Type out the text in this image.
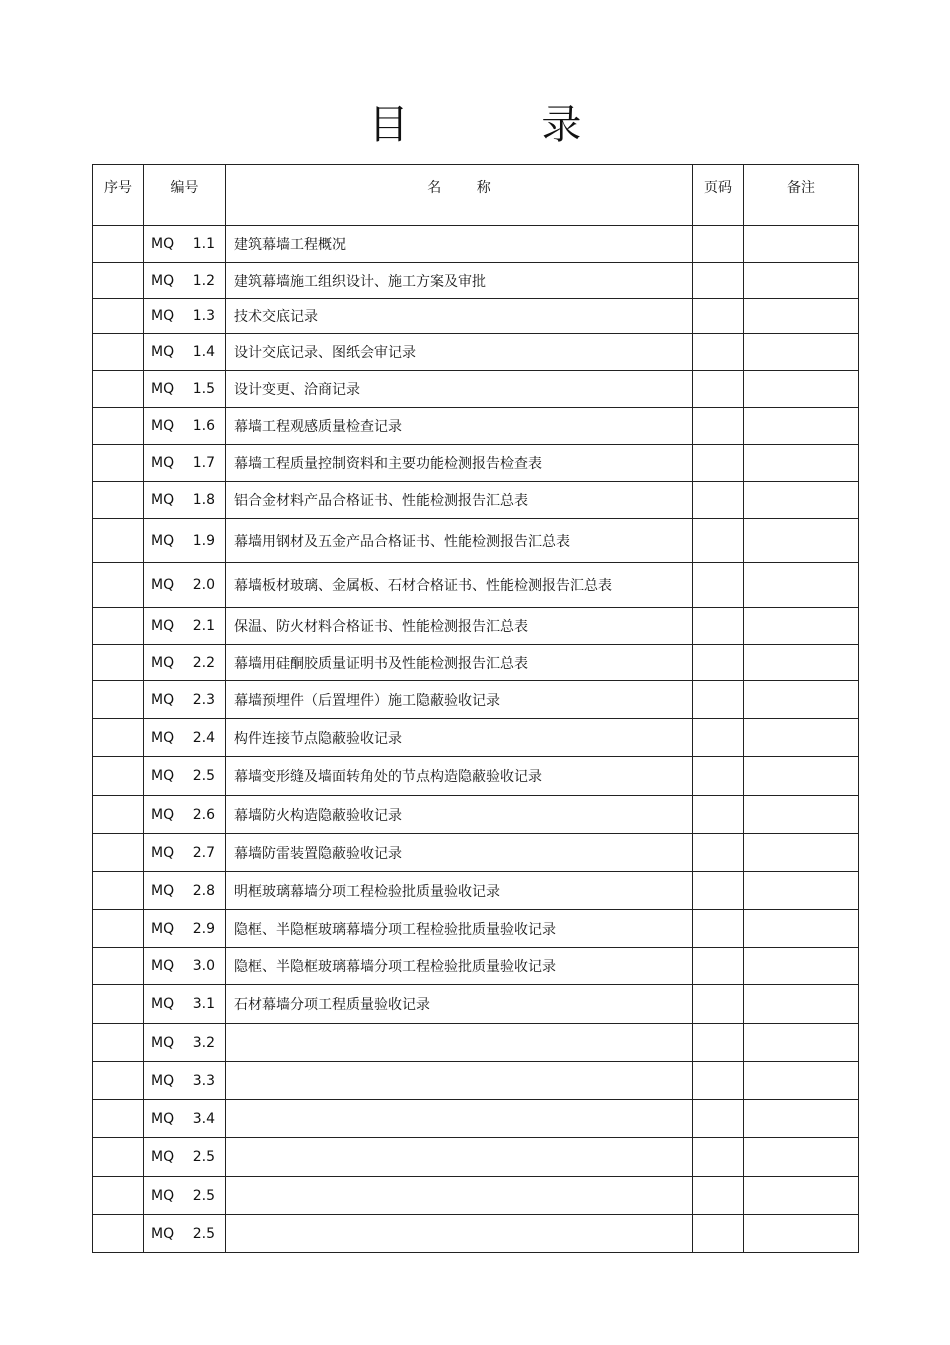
目 录
序号	编号	名        称	页码	备注

	MQ 1.1	建筑幕墙工程概况		

	MQ 1.2	建筑幕墙施工组织设计、施工方案及审批		

	MQ 1.3	技术交底记录		

	MQ 1.4	设计交底记录、图纸会审记录		

	MQ 1.5	设计变更、洽商记录		

	MQ 1.6	幕墙工程观感质量检查记录		

	MQ 1.7	幕墙工程质量控制资料和主要功能检测报告检查表		

	MQ 1.8	铝合金材料产品合格证书、性能检测报告汇总表		

	MQ 1.9	幕墙用钢材及五金产品合格证书、性能检测报告汇总表		

	MQ 2.0	幕墙板材玻璃、金属板、石材合格证书、性能检测报告汇总表		

	MQ 2.1	保温、防火材料合格证书、性能检测报告汇总表		

	MQ 2.2	幕墙用硅酮胶质量证明书及性能检测报告汇总表		

	MQ 2.3	幕墙预埋件（后置埋件）施工隐蔽验收记录		

	MQ 2.4	构件连接节点隐蔽验收记录		

	MQ 2.5	幕墙变形缝及墙面转角处的节点构造隐蔽验收记录		

	MQ 2.6	幕墙防火构造隐蔽验收记录		

	MQ 2.7	幕墙防雷装置隐蔽验收记录		

	MQ 2.8	明框玻璃幕墙分项工程检验批质量验收记录		

	MQ 2.9	隐框、半隐框玻璃幕墙分项工程检验批质量验收记录		

	MQ 3.0	隐框、半隐框玻璃幕墙分项工程检验批质量验收记录		

	MQ 3.1	石材幕墙分项工程质量验收记录		

	MQ 3.2			

	MQ 3.3			

	MQ 3.4			

	MQ 2.5			

	MQ 2.5			

	MQ 2.5			
